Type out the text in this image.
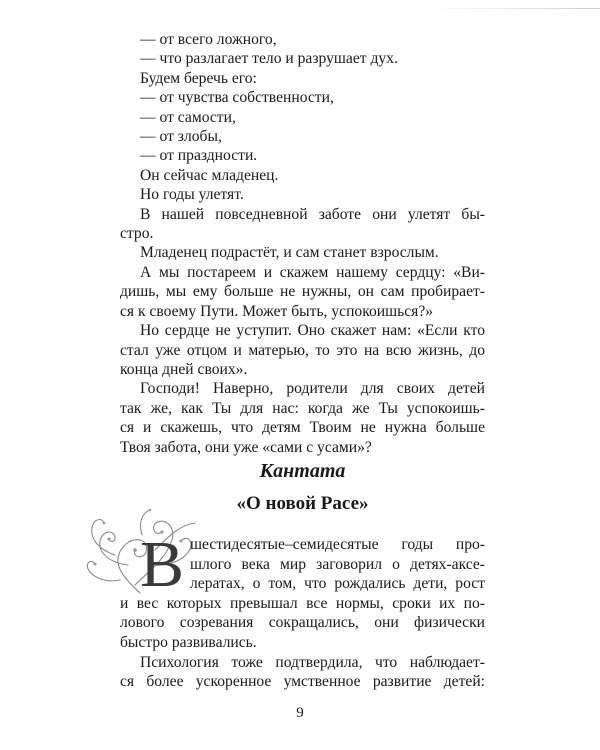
— от всего ложного,
— что разлагает тело и разрушает дух.
Будем беречь его:
— от чувства собственности,
— от самости,
— от злобы,
— от праздности.
Он сейчас младенец.
Но годы улетят.
В нашей повседневной заботе они улетят бы-
стро.
Младенец подрастёт, и сам станет взрослым.
А мы постареем и скажем нашему сердцу: «Ви-
дишь, мы ему больше не нужны, он сам пробирает-
ся к своему Пути. Может быть, успокоишься?»
Но сердце не уступит. Оно скажет нам: «Если кто
стал уже отцом и матерью, то это на всю жизнь, до
конца дней своих».
Господи! Наверно, родители для своих детей
так же, как Ты для нас: когда же Ты успокоишь-
ся и скажешь, что детям Твоим не нужна больше
Твоя забота, они уже «сами с усами»?
Кантата
«О новой Расе»
В шестидесятые–семидесятые годы про-
шлого века мир заговорил о детях-аксе-
лератах, о том, что рождались дети, рост
и вес которых превышал все нормы, сроки их по-
лового созревания сокращались, они физически
быстро развивались.
Психология тоже подтвердила, что наблюдает-
ся более ускоренное умственное развитие детей:
9
